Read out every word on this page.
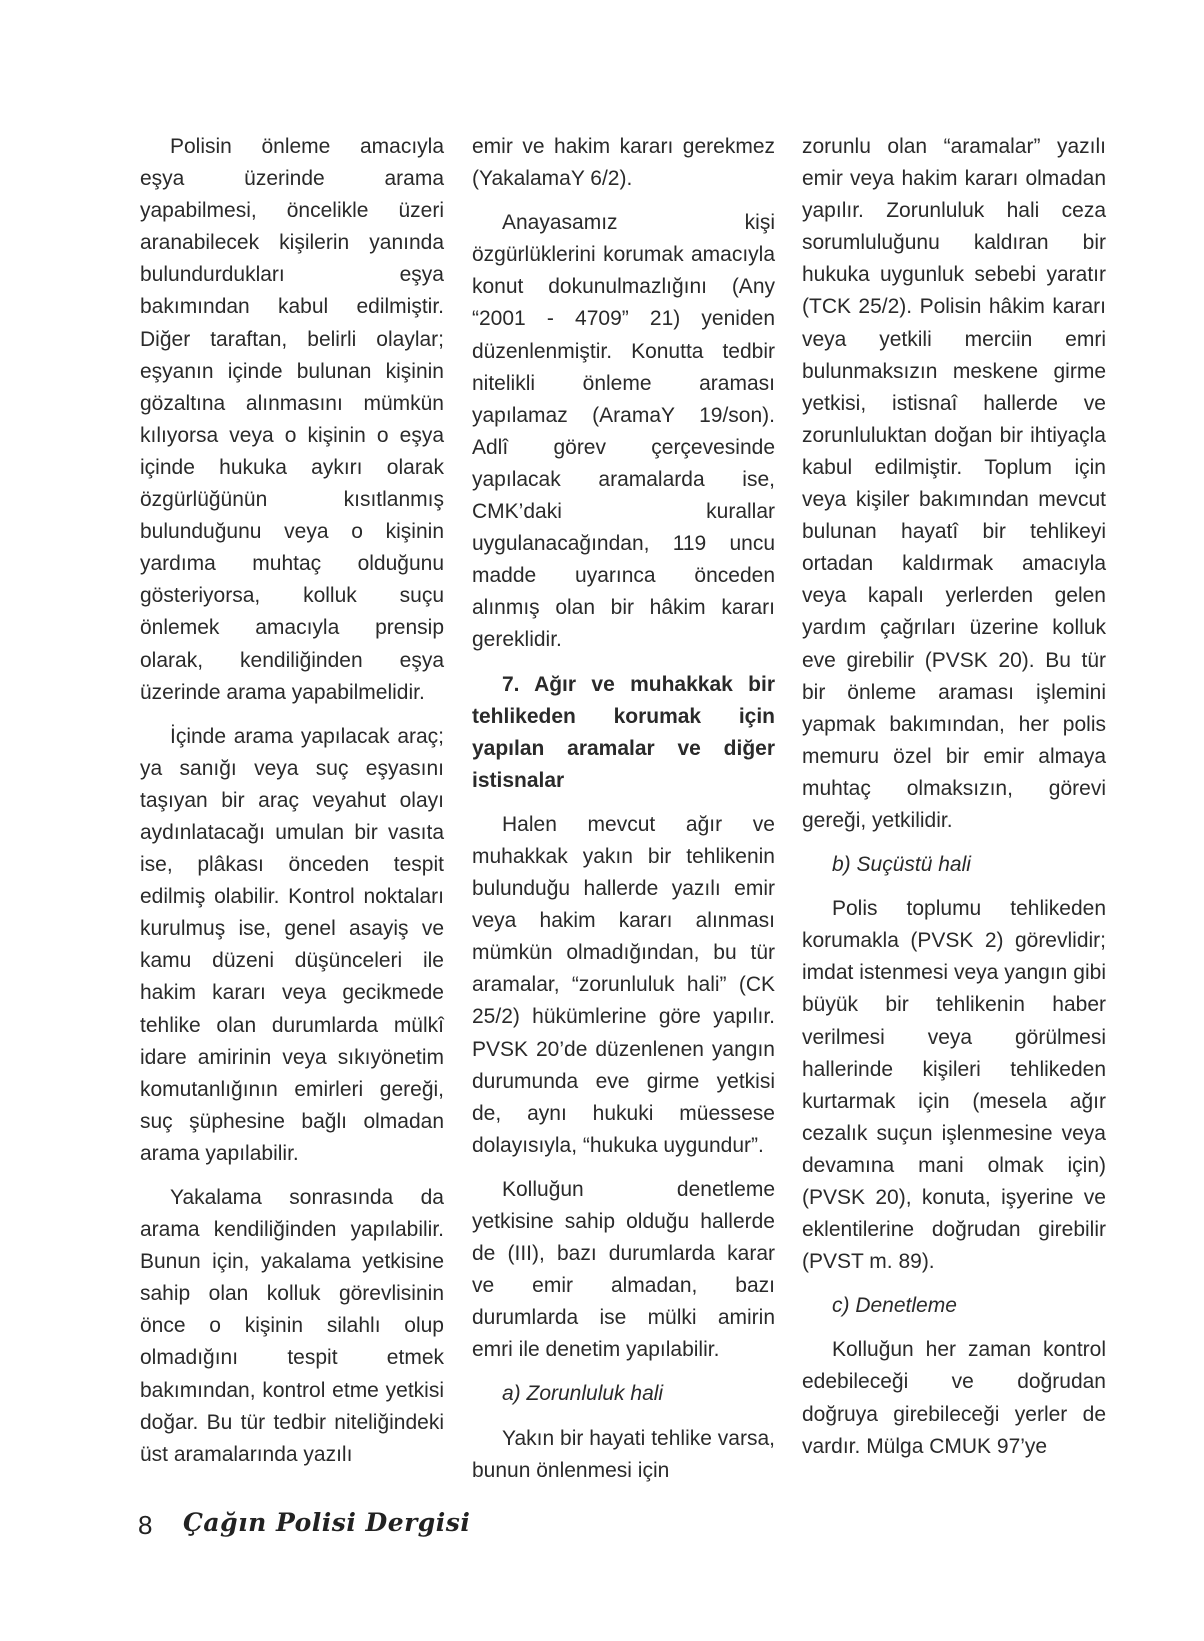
Polisin önleme amacıyla eşya üzerinde arama yapabilmesi, öncelikle üzeri aranabilecek kişilerin yanında bulundurdukları eşya bakımından kabul edilmiştir. Diğer taraftan, belirli olaylar; eşyanın içinde bulunan kişinin gözaltına alınmasını mümkün kılıyorsa veya o kişinin o eşya içinde hukuka aykırı olarak özgürlüğünün kısıtlanmış bulunduğunu veya o kişinin yardıma muhtaç olduğunu gösteriyorsa, kolluk suçu önlemek amacıyla prensip olarak, kendiliğinden eşya üzerinde arama yapabilmelidir.

İçinde arama yapılacak araç; ya sanığı veya suç eşyasını taşıyan bir araç veyahut olayı aydınlatacağı umulan bir vasıta ise, plâkası önceden tespit edilmiş olabilir. Kontrol noktaları kurulmuş ise, genel asayiş ve kamu düzeni düşünceleri ile hakim kararı veya gecikmede tehlike olan durumlarda mülkî idare amirinin veya sıkıyönetim komutanlığının emirleri gereği, suç şüphesine bağlı olmadan arama yapılabilir.

Yakalama sonrasında da arama kendiliğinden yapılabilir. Bunun için, yakalama yetkisine sahip olan kolluk görevlisinin önce o kişinin silahlı olup olmadığını tespit etmek bakımından, kontrol etme yetkisi doğar. Bu tür tedbir niteliğindeki üst aramalarında yazılı

emir ve hakim kararı gerekmez (YakalamaY 6/2).

Anayasamız kişi özgürlüklerini korumak amacıyla konut dokunulmazlığını (Any “2001 - 4709” 21) yeniden düzenlenmiştir. Konutta tedbir nitelikli önleme araması yapılamaz (AramaY 19/son). Adlî görev çerçevesinde yapılacak aramalarda ise, CMK’daki kurallar uygulanacağından, 119 uncu madde uyarınca önceden alınmış olan bir hâkim kararı gereklidir.

7. Ağır ve muhakkak bir tehlikeden korumak için yapılan aramalar ve diğer istisnalar

Halen mevcut ağır ve muhakkak yakın bir tehlikenin bulunduğu hallerde yazılı emir veya hakim kararı alınması mümkün olmadığından, bu tür aramalar, “zorunluluk hali” (CK 25/2) hükümlerine göre yapılır. PVSK 20’de düzenlenen yangın durumunda eve girme yetkisi de, aynı hukuki müessese dolayısıyla, “hukuka uygundur”.

Kolluğun denetleme yetkisine sahip olduğu hallerde de (III), bazı durumlarda karar ve emir almadan, bazı durumlarda ise mülki amirin emri ile denetim yapılabilir.

a) Zorunluluk hali

Yakın bir hayati tehlike varsa, bunun önlenmesi için

zorunlu olan “aramalar” yazılı emir veya hakim kararı olmadan yapılır. Zorunluluk hali ceza sorumluluğunu kaldıran bir hukuka uygunluk sebebi yaratır (TCK 25/2). Polisin hâkim kararı veya yetkili merciin emri bulunmaksızın meskene girme yetkisi, istisnaî hallerde ve zorunluluktan doğan bir ihtiyaçla kabul edilmiştir. Toplum için veya kişiler bakımından mevcut bulunan hayatî bir tehlikeyi ortadan kaldırmak amacıyla veya kapalı yerlerden gelen yardım çağrıları üzerine kolluk eve girebilir (PVSK 20). Bu tür bir önleme araması işlemini yapmak bakımından, her polis memuru özel bir emir almaya muhtaç olmaksızın, görevi gereği, yetkilidir.

b) Suçüstü hali

Polis toplumu tehlikeden korumakla (PVSK 2) görevlidir; imdat istenmesi veya yangın gibi büyük bir tehlikenin haber verilmesi veya görülmesi hallerinde kişileri tehlikeden kurtarmak için (mesela ağır cezalık suçun işlenmesine veya devamına mani olmak için) (PVSK 20), konuta, işyerine ve eklentilerine doğrudan girebilir (PVST m. 89).

c) Denetleme

Kolluğun her zaman kontrol edebileceği ve doğrudan doğruya girebileceği yerler de vardır. Mülga CMUK 97’ye

8 Çağın Polisi Dergisi
